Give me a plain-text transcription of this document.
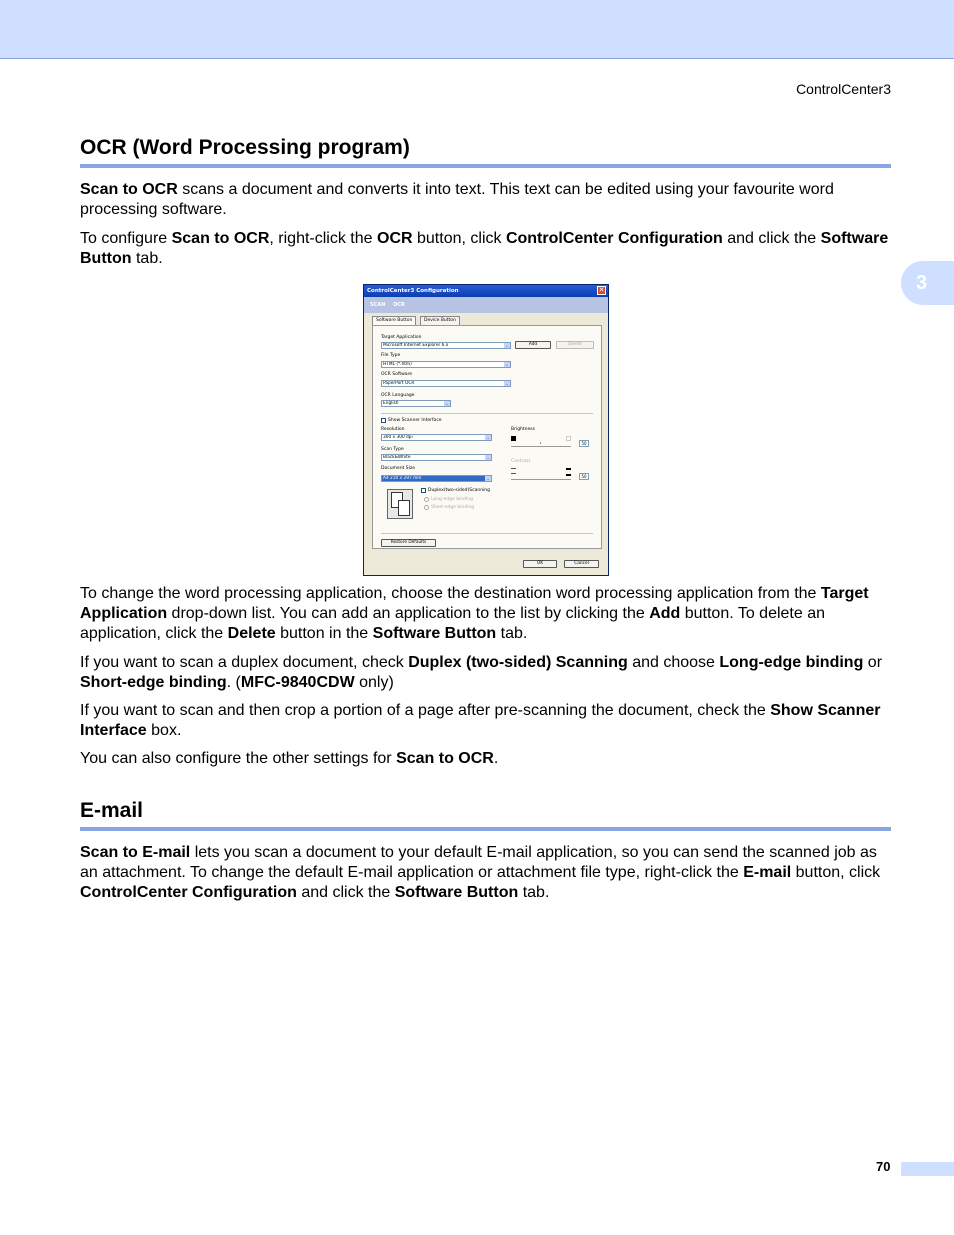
ControlCenter3
3
OCR (Word Processing program)

Scan to OCR scans a document and converts it into text. This text can be edited using your favourite word processing software.

To configure Scan to OCR, right-click the OCR button, click ControlCenter Configuration and click the Software Button tab.

ControlCenter3 Configuration	✕
SCAN OCR
Software Button	Device Button
Target Application
Microsoft Internet Explorer 6.x	⌄	Add	Delete
File Type
HTML (*.htm)	⌄
OCR Software
PaperPort OCR	⌄
OCR Language
English	⌄
Show Scanner Interface
Resolution
300 x 300 dpi	⌄
Scan Type
Black&White	⌄
Document Size
A4 210 x 297 mm	⌄
Brightness
50
Contrast
50
Duplex(two-sided)Scanning
Long-edge binding
Short-edge binding
Restore Defaults
OK	Cancel

To change the word processing application, choose the destination word processing application from the Target Application drop-down list. You can add an application to the list by clicking the Add button. To delete an application, click the Delete button in the Software Button tab.

If you want to scan a duplex document, check Duplex (two-sided) Scanning and choose Long-edge binding or Short-edge binding. (MFC-9840CDW only)

If you want to scan and then crop a portion of a page after pre-scanning the document, check the Show Scanner Interface box.

You can also configure the other settings for Scan to OCR.

E-mail

Scan to E-mail lets you scan a document to your default E-mail application, so you can send the scanned job as an attachment. To change the default E-mail application or attachment file type, right-click the E-mail button, click ControlCenter Configuration and click the Software Button tab.

70
